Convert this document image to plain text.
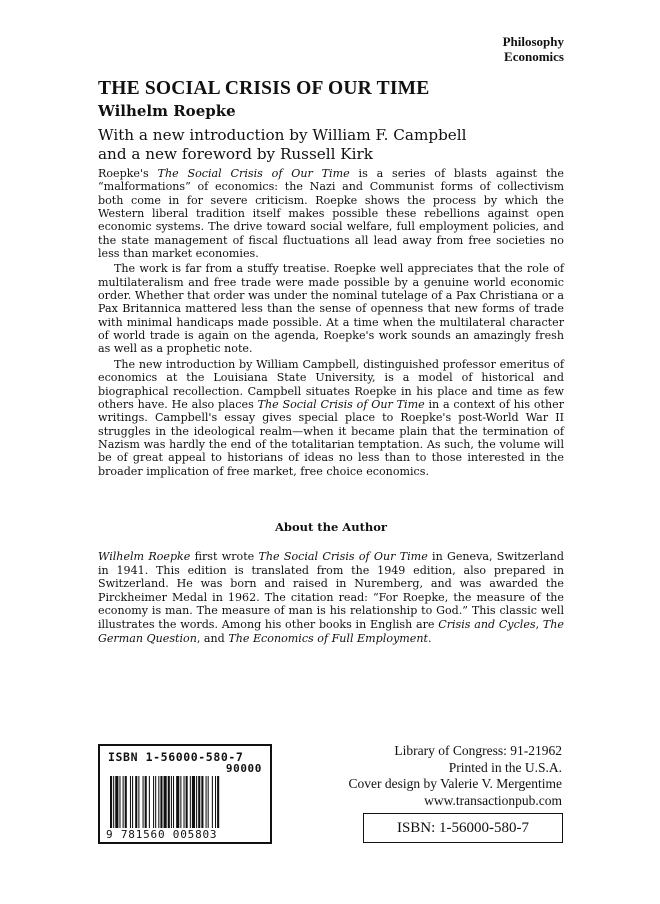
Philosophy
Economics
THE SOCIAL CRISIS OF OUR TIME
Wilhelm Roepke
With a new introduction by William F. Campbell
and a new foreword by Russell Kirk

Roepke's The Social Crisis of Our Time is a series of blasts against the “malformations” of economics: the Nazi and Communist forms of collectivism both come in for severe criticism. Roepke shows the process by which the Western liberal tradition itself makes possible these rebellions against open economic systems. The drive toward social welfare, full employment policies, and the state management of fiscal fluctuations all lead away from free societies no less than market economies.

The work is far from a stuffy treatise. Roepke well appreciates that the role of multilateralism and free trade were made possible by a genuine world economic order. Whether that order was under the nominal tutelage of a Pax Christiana or a Pax Britannica mattered less than the sense of openness that new forms of trade with minimal handicaps made possible. At a time when the multilateral character of world trade is again on the agenda, Roepke's work sounds an amazingly fresh as well as a prophetic note.

The new introduction by William Campbell, distinguished professor emeritus of economics at the Louisiana State University, is a model of historical and biographical recollection. Campbell situates Roepke in his place and time as few others have. He also places The Social Crisis of Our Time in a context of his other writings. Campbell's essay gives special place to Roepke's post-World War II struggles in the ideological realm—when it became plain that the termination of Nazism was hardly the end of the totalitarian temptation. As such, the volume will be of great appeal to historians of ideas no less than to those interested in the broader implication of free market, free choice economics.

About the Author

Wilhelm Roepke first wrote The Social Crisis of Our Time in Geneva, Switzerland in 1941. This edition is translated from the 1949 edition, also prepared in Switzerland. He was born and raised in Nuremberg, and was awarded the Pirckheimer Medal in 1962. The citation read: “For Roepke, the measure of the economy is man. The measure of man is his relationship to God.” This classic well illustrates the words. Among his other books in English are Crisis and Cycles, The German Question, and The Economics of Full Employment.

ISBN 1-56000-580-7
90000
9 781560 005803
Library of Congress: 91-21962
Printed in the U.S.A.
Cover design by Valerie V. Mergentime
www.transactionpub.com
ISBN: 1-56000-580-7
